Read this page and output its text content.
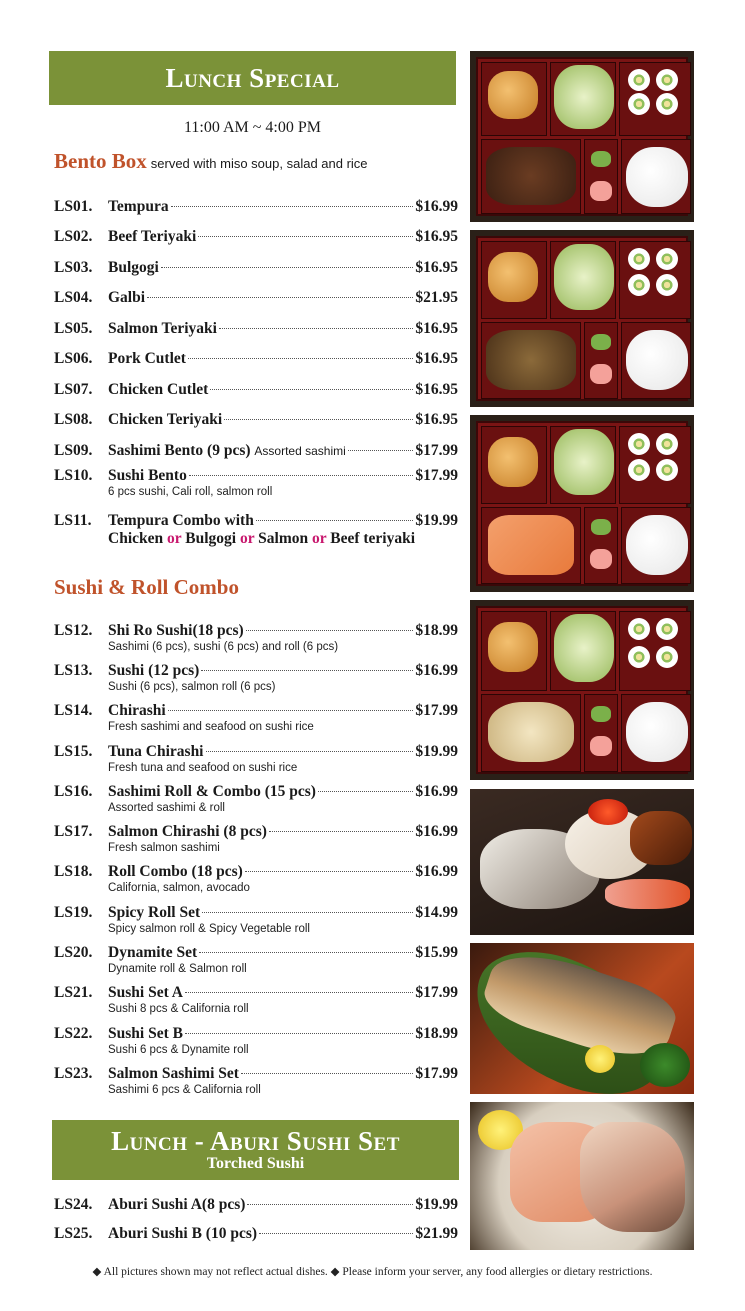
Lunch Special
11:00 AM ~ 4:00 PM
Bento Box served with miso soup, salad and rice
LS01.	Tempura	$16.99
LS02.	Beef Teriyaki	$16.95
LS03.	Bulgogi	$16.95
LS04.	Galbi	$21.95
LS05.	Salmon Teriyaki	$16.95
LS06.	Pork Cutlet	$16.95
LS07.	Chicken Cutlet	$16.95
LS08.	Chicken Teriyaki	$16.95
LS09.	Sashimi Bento (9 pcs) Assorted sashimi	$17.99
LS10.	Sushi Bento	$17.99
6 pcs sushi, Cali roll, salmon roll
LS11.	Tempura Combo with	$19.99
Chicken or Bulgogi or Salmon or Beef teriyaki
Sushi & Roll Combo
LS12.	Shi Ro Sushi(18 pcs)	$18.99
Sashimi (6 pcs), sushi (6 pcs) and roll (6 pcs)
LS13.	Sushi (12 pcs)	$16.99
Sushi (6 pcs), salmon roll (6 pcs)
LS14.	Chirashi	$17.99
Fresh sashimi and seafood on sushi rice
LS15.	Tuna Chirashi	$19.99
Fresh tuna and seafood on sushi rice
LS16.	Sashimi Roll & Combo (15 pcs)	$16.99
Assorted sashimi & roll
LS17.	Salmon Chirashi (8 pcs)	$16.99
Fresh salmon sashimi
LS18.	Roll Combo (18 pcs)	$16.99
California, salmon, avocado
LS19.	Spicy Roll Set	$14.99
Spicy salmon roll & Spicy Vegetable roll
LS20.	Dynamite Set	$15.99
Dynamite roll & Salmon roll
LS21.	Sushi Set A	$17.99
Sushi 8 pcs & California roll
LS22.	Sushi Set B	$18.99
Sushi 6 pcs & Dynamite roll
LS23.	Salmon Sashimi Set	$17.99
Sashimi 6 pcs & California roll
Lunch - Aburi Sushi Set
Torched Sushi
LS24.	Aburi Sushi A(8 pcs)	$19.99
LS25.	Aburi Sushi B (10 pcs)	$21.99
◆ All pictures shown may not reflect actual dishes. ◆ Please inform your server, any food allergies or dietary restrictions.
